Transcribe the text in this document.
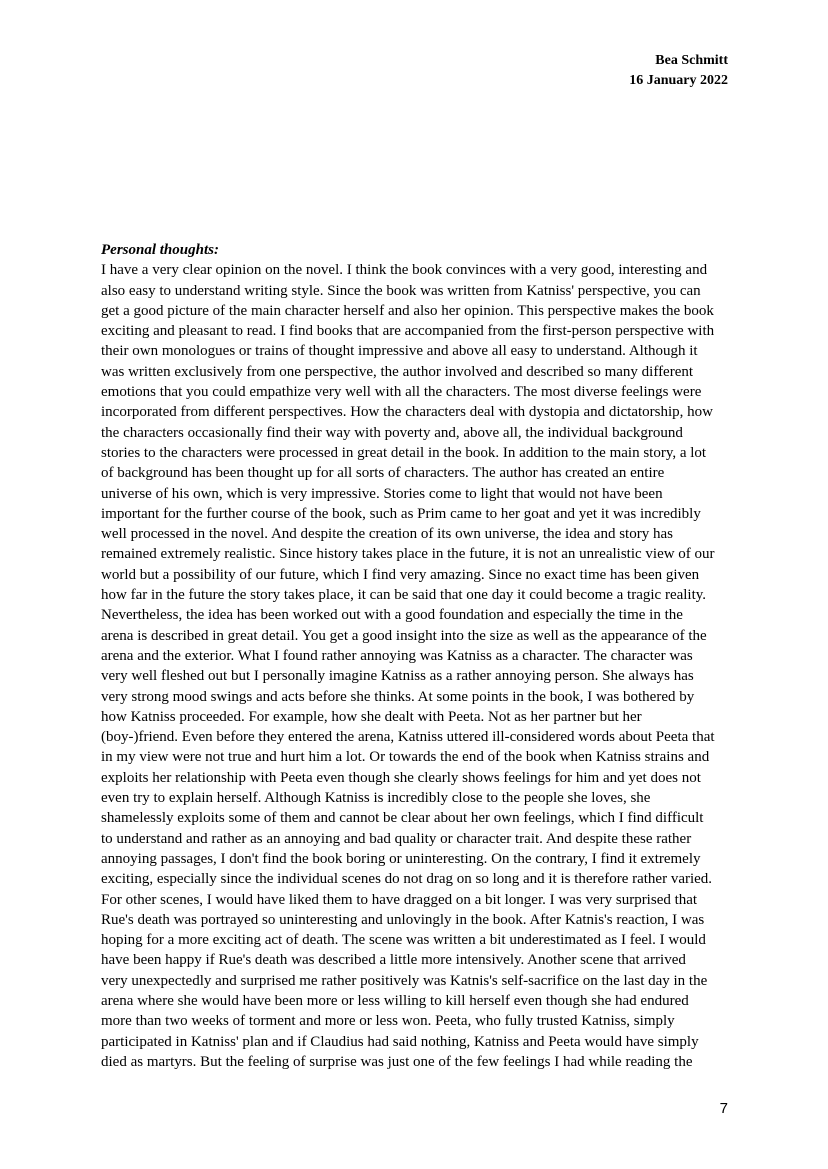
Bea Schmitt
16 January 2022
Personal thoughts:
I have a very clear opinion on the novel. I think the book convinces with a very good, interesting and
also easy to understand writing style. Since the book was written from Katniss' perspective, you can
get a good picture of the main character herself and also her opinion. This perspective makes the book
exciting and pleasant to read. I find books that are accompanied from the first-person perspective with
their own monologues or trains of thought impressive and above all easy to understand. Although it
was written exclusively from one perspective, the author involved and described so many different
emotions that you could empathize very well with all the characters. The most diverse feelings were
incorporated from different perspectives. How the characters deal with dystopia and dictatorship, how
the characters occasionally find their way with poverty and, above all, the individual background
stories to the characters were processed in great detail in the book. In addition to the main story, a lot
of background has been thought up for all sorts of characters. The author has created an entire
universe of his own, which is very impressive. Stories come to light that would not have been
important for the further course of the book, such as Prim came to her goat and yet it was incredibly
well processed in the novel. And despite the creation of its own universe, the idea and story has
remained extremely realistic. Since history takes place in the future, it is not an unrealistic view of our
world but a possibility of our future, which I find very amazing. Since no exact time has been given
how far in the future the story takes place, it can be said that one day it could become a tragic reality.
Nevertheless, the idea has been worked out with a good foundation and especially the time in the
arena is described in great detail. You get a good insight into the size as well as the appearance of the
arena and the exterior. What I found rather annoying was Katniss as a character. The character was
very well fleshed out but I personally imagine Katniss as a rather annoying person. She always has
very strong mood swings and acts before she thinks. At some points in the book, I was bothered by
how Katniss proceeded. For example, how she dealt with Peeta. Not as her partner but her
(boy-)friend. Even before they entered the arena, Katniss uttered ill-considered words about Peeta that
in my view were not true and hurt him a lot. Or towards the end of the book when Katniss strains and
exploits her relationship with Peeta even though she clearly shows feelings for him and yet does not
even try to explain herself. Although Katniss is incredibly close to the people she loves, she
shamelessly exploits some of them and cannot be clear about her own feelings, which I find difficult
to understand and rather as an annoying and bad quality or character trait. And despite these rather
annoying passages, I don't find the book boring or uninteresting. On the contrary, I find it extremely
exciting, especially since the individual scenes do not drag on so long and it is therefore rather varied.
For other scenes, I would have liked them to have dragged on a bit longer. I was very surprised that
Rue's death was portrayed so uninteresting and unlovingly in the book. After Katnis's reaction, I was
hoping for a more exciting act of death. The scene was written a bit underestimated as I feel. I would
have been happy if Rue's death was described a little more intensively. Another scene that arrived
very unexpectedly and surprised me rather positively was Katnis's self-sacrifice on the last day in the
arena where she would have been more or less willing to kill herself even though she had endured
more than two weeks of torment and more or less won. Peeta, who fully trusted Katniss, simply
participated in Katniss' plan and if Claudius had said nothing, Katniss and Peeta would have simply
died as martyrs. But the feeling of surprise was just one of the few feelings I had while reading the
7
